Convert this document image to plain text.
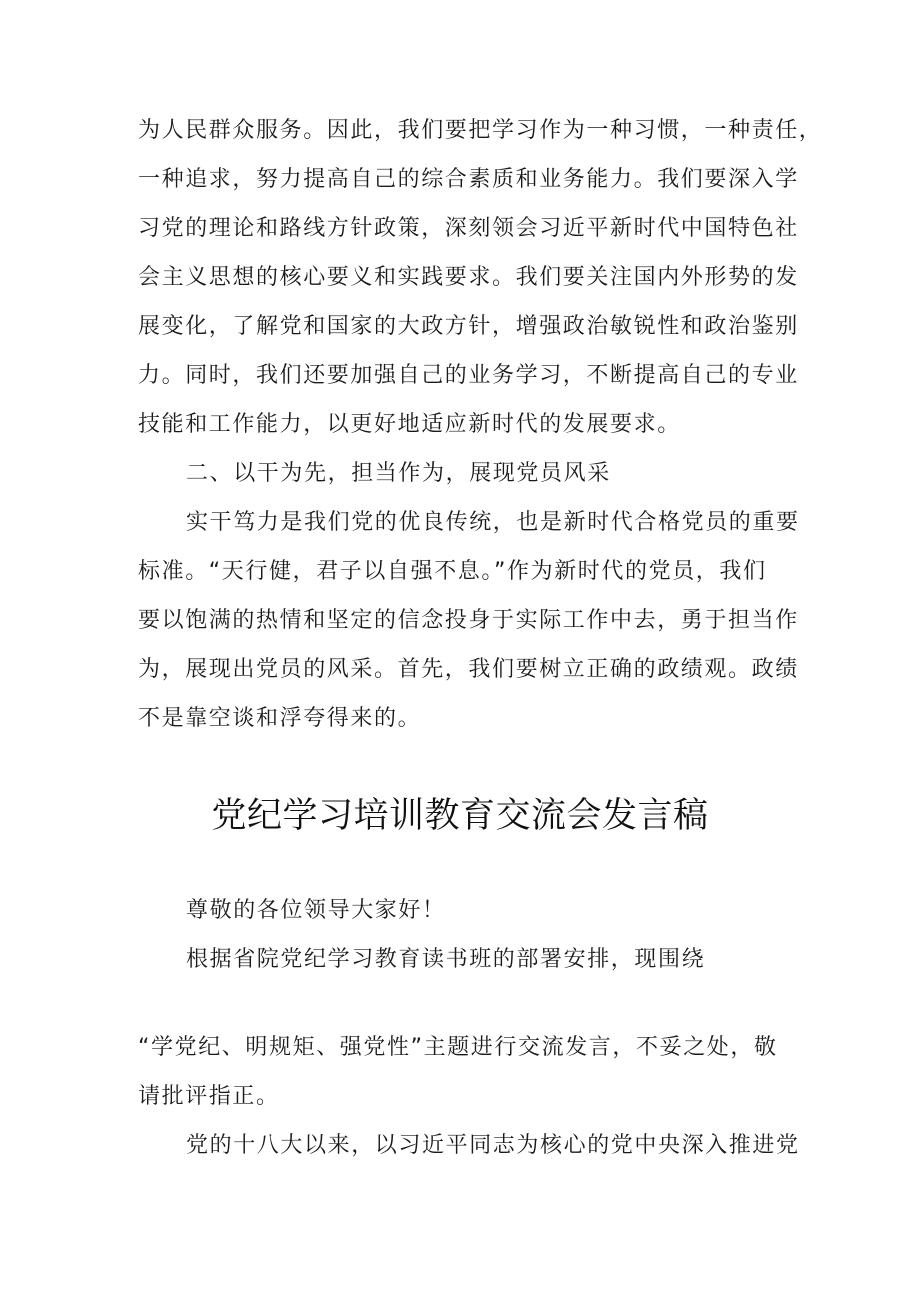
为人民群众服务。因此，我们要把学习作为一种习惯，一种责任，
一种追求，努力提高自己的综合素质和业务能力。我们要深入学
习党的理论和路线方针政策，深刻领会习近平新时代中国特色社
会主义思想的核心要义和实践要求。我们要关注国内外形势的发
展变化，了解党和国家的大政方针，增强政治敏锐性和政治鉴别
力。同时，我们还要加强自己的业务学习，不断提高自己的专业
技能和工作能力，以更好地适应新时代的发展要求。
二、以干为先，担当作为，展现党员风采
实干笃力是我们党的优良传统，也是新时代合格党员的重要
标准。“天行健，君子以自强不息。”作为新时代的党员，我们
要以饱满的热情和坚定的信念投身于实际工作中去，勇于担当作
为，展现出党员的风采。首先，我们要树立正确的政绩观。政绩
不是靠空谈和浮夸得来的。
党纪学习培训教育交流会发言稿
尊敬的各位领导大家好！
根据省院党纪学习教育读书班的部署安排，现围绕
“学党纪、明规矩、强党性”主题进行交流发言，不妥之处，敬
请批评指正。
党的十八大以来，以习近平同志为核心的党中央深入推进党
